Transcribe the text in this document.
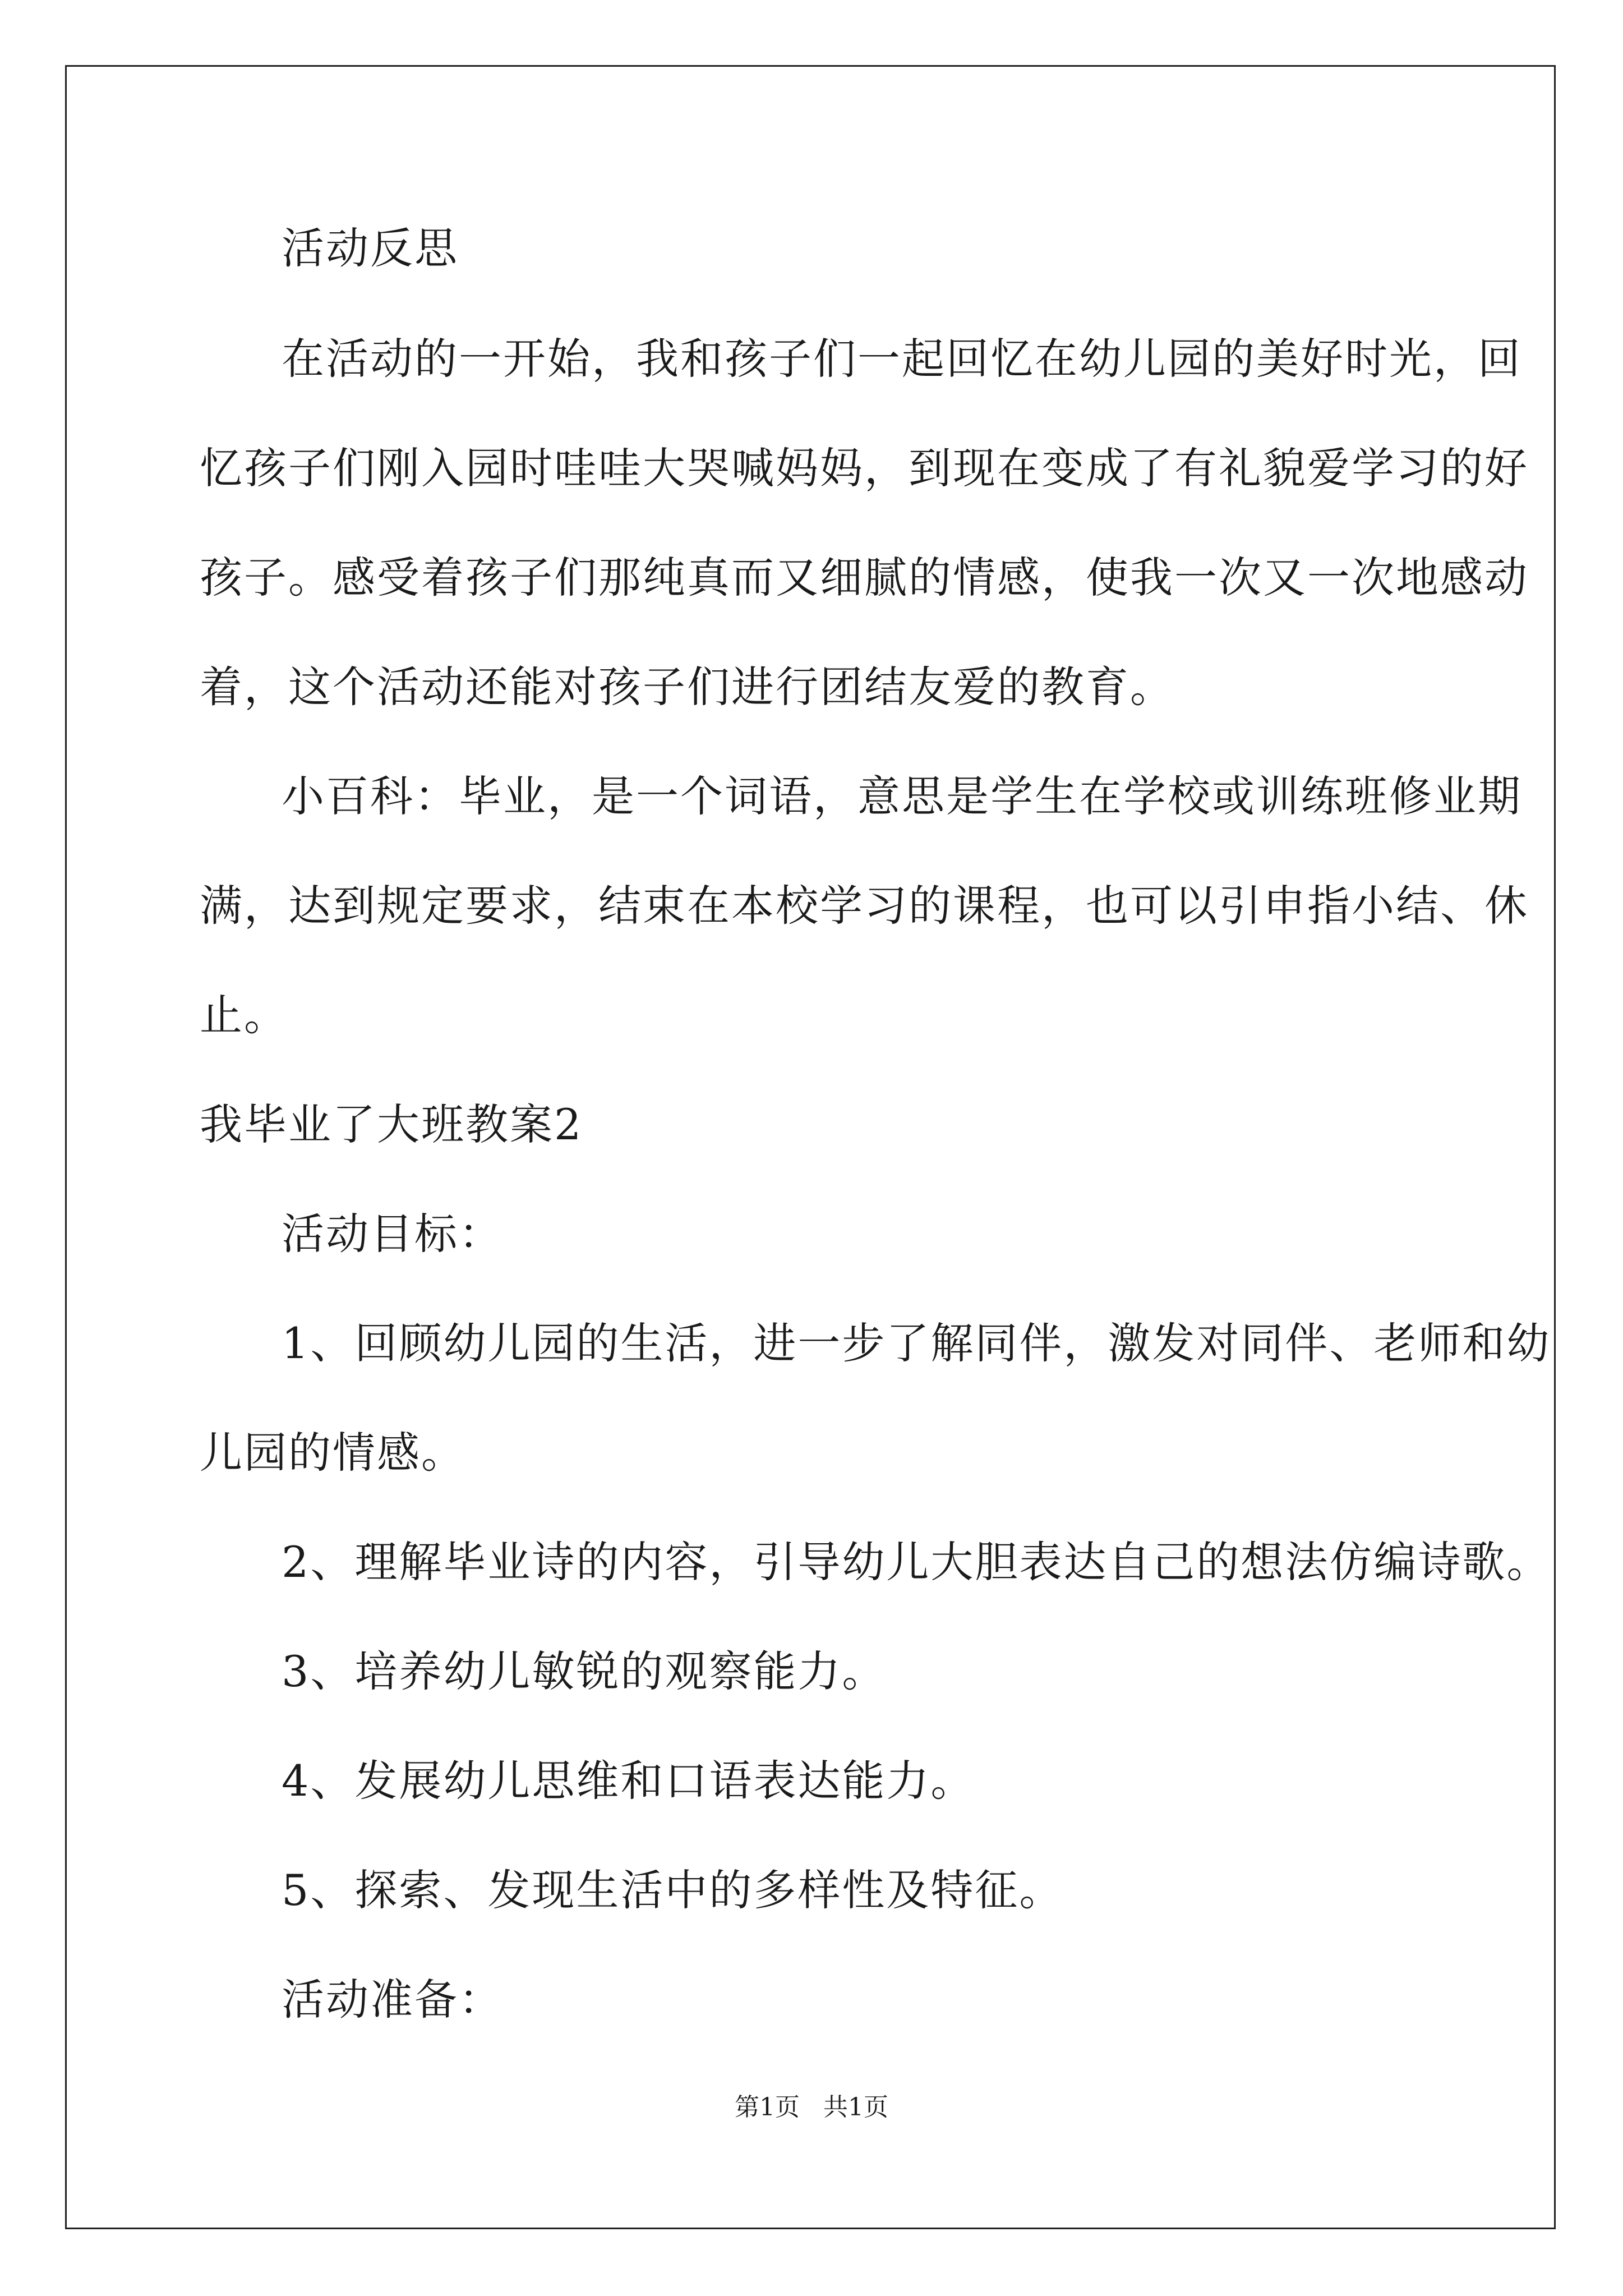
活动反思
在活动的一开始，我和孩子们一起回忆在幼儿园的美好时光，回
忆孩子们刚入园时哇哇大哭喊妈妈，到现在变成了有礼貌爱学习的好
孩子。感受着孩子们那纯真而又细腻的情感，使我一次又一次地感动
着，这个活动还能对孩子们进行团结友爱的教育。
小百科：毕业，是一个词语，意思是学生在学校或训练班修业期
满，达到规定要求，结束在本校学习的课程，也可以引申指小结、休
止。
我毕业了大班教案2
活动目标：
1、回顾幼儿园的生活，进一步了解同伴，激发对同伴、老师和幼
儿园的情感。
2、理解毕业诗的内容，引导幼儿大胆表达自己的想法仿编诗歌。
3、培养幼儿敏锐的观察能力。
4、发展幼儿思维和口语表达能力。
5、探索、发现生活中的多样性及特征。
活动准备：
第1页   共1页
